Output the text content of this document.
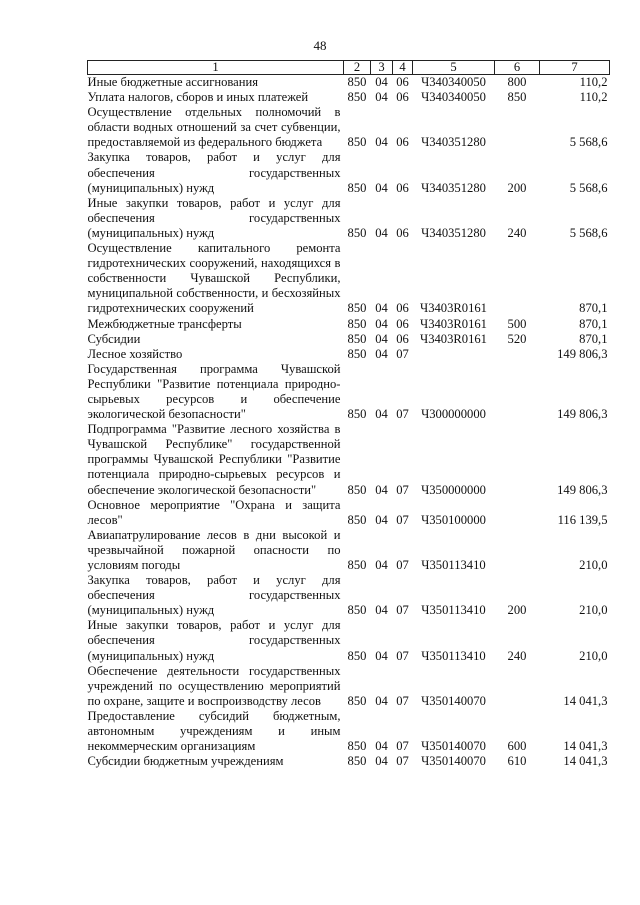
48
1	2	3	4	5	6	7
Иные бюджетные ассигнования	850	04	06	Ч340340050	800	110,2
Уплата налогов, сборов и иных платежей	850	04	06	Ч340340050	850	110,2
Осуществление отдельных полномочий в области водных отношений за счет субвенции, предоставляемой из федерального бюджета	850	04	06	Ч340351280		5 568,6
Закупка товаров, работ и услуг для обеспечения государственных (муниципальных) нужд	850	04	06	Ч340351280	200	5 568,6
Иные закупки товаров, работ и услуг для обеспечения государственных (муниципальных) нужд	850	04	06	Ч340351280	240	5 568,6
Осуществление капитального ремонта гидротехнических сооружений, находящихся в собственности Чувашской Республики, муниципальной собственности, и бесхозяйных гидротехнических сооружений	850	04	06	Ч3403R0161		870,1
Межбюджетные трансферты	850	04	06	Ч3403R0161	500	870,1
Субсидии	850	04	06	Ч3403R0161	520	870,1
Лесное хозяйство	850	04	07			149 806,3
Государственная программа Чувашской Республики "Развитие потенциала природно-сырьевых ресурсов и обеспечение экологической безопасности"	850	04	07	Ч300000000		149 806,3
Подпрограмма "Развитие лесного хозяйства в Чувашской Республике" государственной программы Чувашской Республики "Развитие потенциала природно-сырьевых ресурсов и обеспечение экологической безопасности"	850	04	07	Ч350000000		149 806,3
Основное мероприятие "Охрана и защита лесов"	850	04	07	Ч350100000		116 139,5
Авиапатрулирование лесов в дни высокой и чрезвычайной пожарной опасности по условиям погоды	850	04	07	Ч350113410		210,0
Закупка товаров, работ и услуг для обеспечения государственных (муниципальных) нужд	850	04	07	Ч350113410	200	210,0
Иные закупки товаров, работ и услуг для обеспечения государственных (муниципальных) нужд	850	04	07	Ч350113410	240	210,0
Обеспечение деятельности государственных учреждений по осуществлению мероприятий по охране, защите и воспроизводству лесов	850	04	07	Ч350140070		14 041,3
Предоставление субсидий бюджетным, автономным учреждениям и иным некоммерческим организациям	850	04	07	Ч350140070	600	14 041,3
Субсидии бюджетным учреждениям	850	04	07	Ч350140070	610	14 041,3
